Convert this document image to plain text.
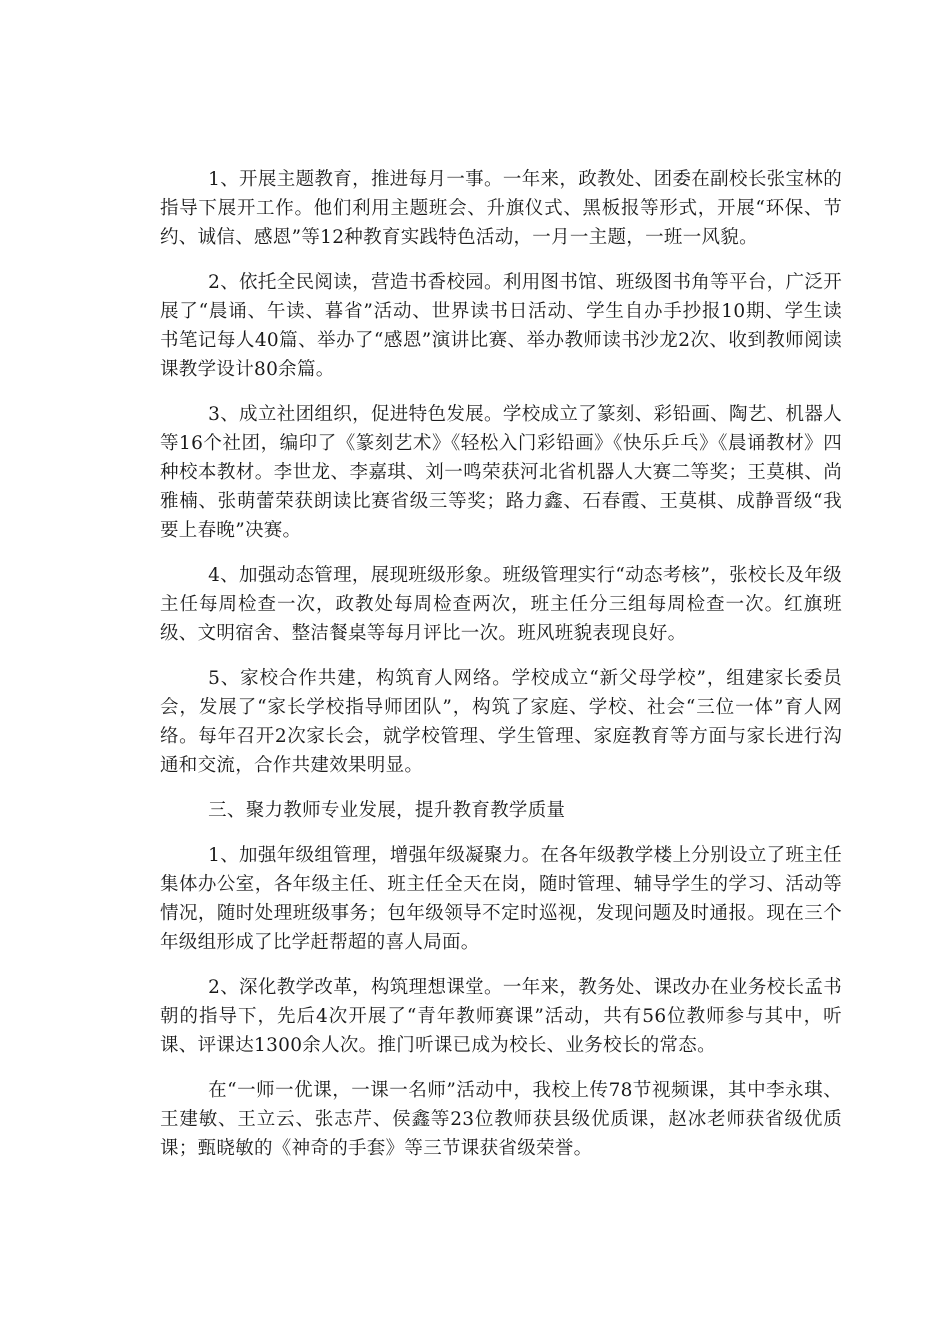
1、开展主题教育，推进每月一事。一年来，政教处、团委在副校长张宝林的指导下展开工作。他们利用主题班会、升旗仪式、黑板报等形式，开展“环保、节约、诚信、感恩”等12种教育实践特色活动，一月一主题，一班一风貌。

2、依托全民阅读，营造书香校园。利用图书馆、班级图书角等平台，广泛开展了“晨诵、午读、暮省”活动、世界读书日活动、学生自办手抄报10期、学生读书笔记每人40篇、举办了“感恩”演讲比赛、举办教师读书沙龙2次、收到教师阅读课教学设计80余篇。

3、成立社团组织，促进特色发展。学校成立了篆刻、彩铅画、陶艺、机器人等16个社团，编印了《篆刻艺术》《轻松入门彩铅画》《快乐乒乓》《晨诵教材》四种校本教材。李世龙、李嘉琪、刘一鸣荣获河北省机器人大赛二等奖；王莫棋、尚雅楠、张萌蕾荣获朗读比赛省级三等奖；路力鑫、石春霞、王莫棋、成静晋级“我要上春晚”决赛。

4、加强动态管理，展现班级形象。班级管理实行“动态考核”，张校长及年级主任每周检查一次，政教处每周检查两次，班主任分三组每周检查一次。红旗班级、文明宿舍、整洁餐桌等每月评比一次。班风班貌表现良好。

5、家校合作共建，构筑育人网络。学校成立“新父母学校”，组建家长委员会，发展了“家长学校指导师团队”，构筑了家庭、学校、社会“三位一体”育人网络。每年召开2次家长会，就学校管理、学生管理、家庭教育等方面与家长进行沟通和交流，合作共建效果明显。

三、聚力教师专业发展，提升教育教学质量

1、加强年级组管理，增强年级凝聚力。在各年级教学楼上分别设立了班主任集体办公室，各年级主任、班主任全天在岗，随时管理、辅导学生的学习、活动等情况，随时处理班级事务；包年级领导不定时巡视，发现问题及时通报。现在三个年级组形成了比学赶帮超的喜人局面。

2、深化教学改革，构筑理想课堂。一年来，教务处、课改办在业务校长孟书朝的指导下，先后4次开展了“青年教师赛课”活动，共有56位教师参与其中，听课、评课达1300余人次。推门听课已成为校长、业务校长的常态。

在“一师一优课，一课一名师”活动中，我校上传78节视频课，其中李永琪、王建敏、王立云、张志芹、侯鑫等23位教师获县级优质课，赵冰老师获省级优质课；甄晓敏的《神奇的手套》等三节课获省级荣誉。
